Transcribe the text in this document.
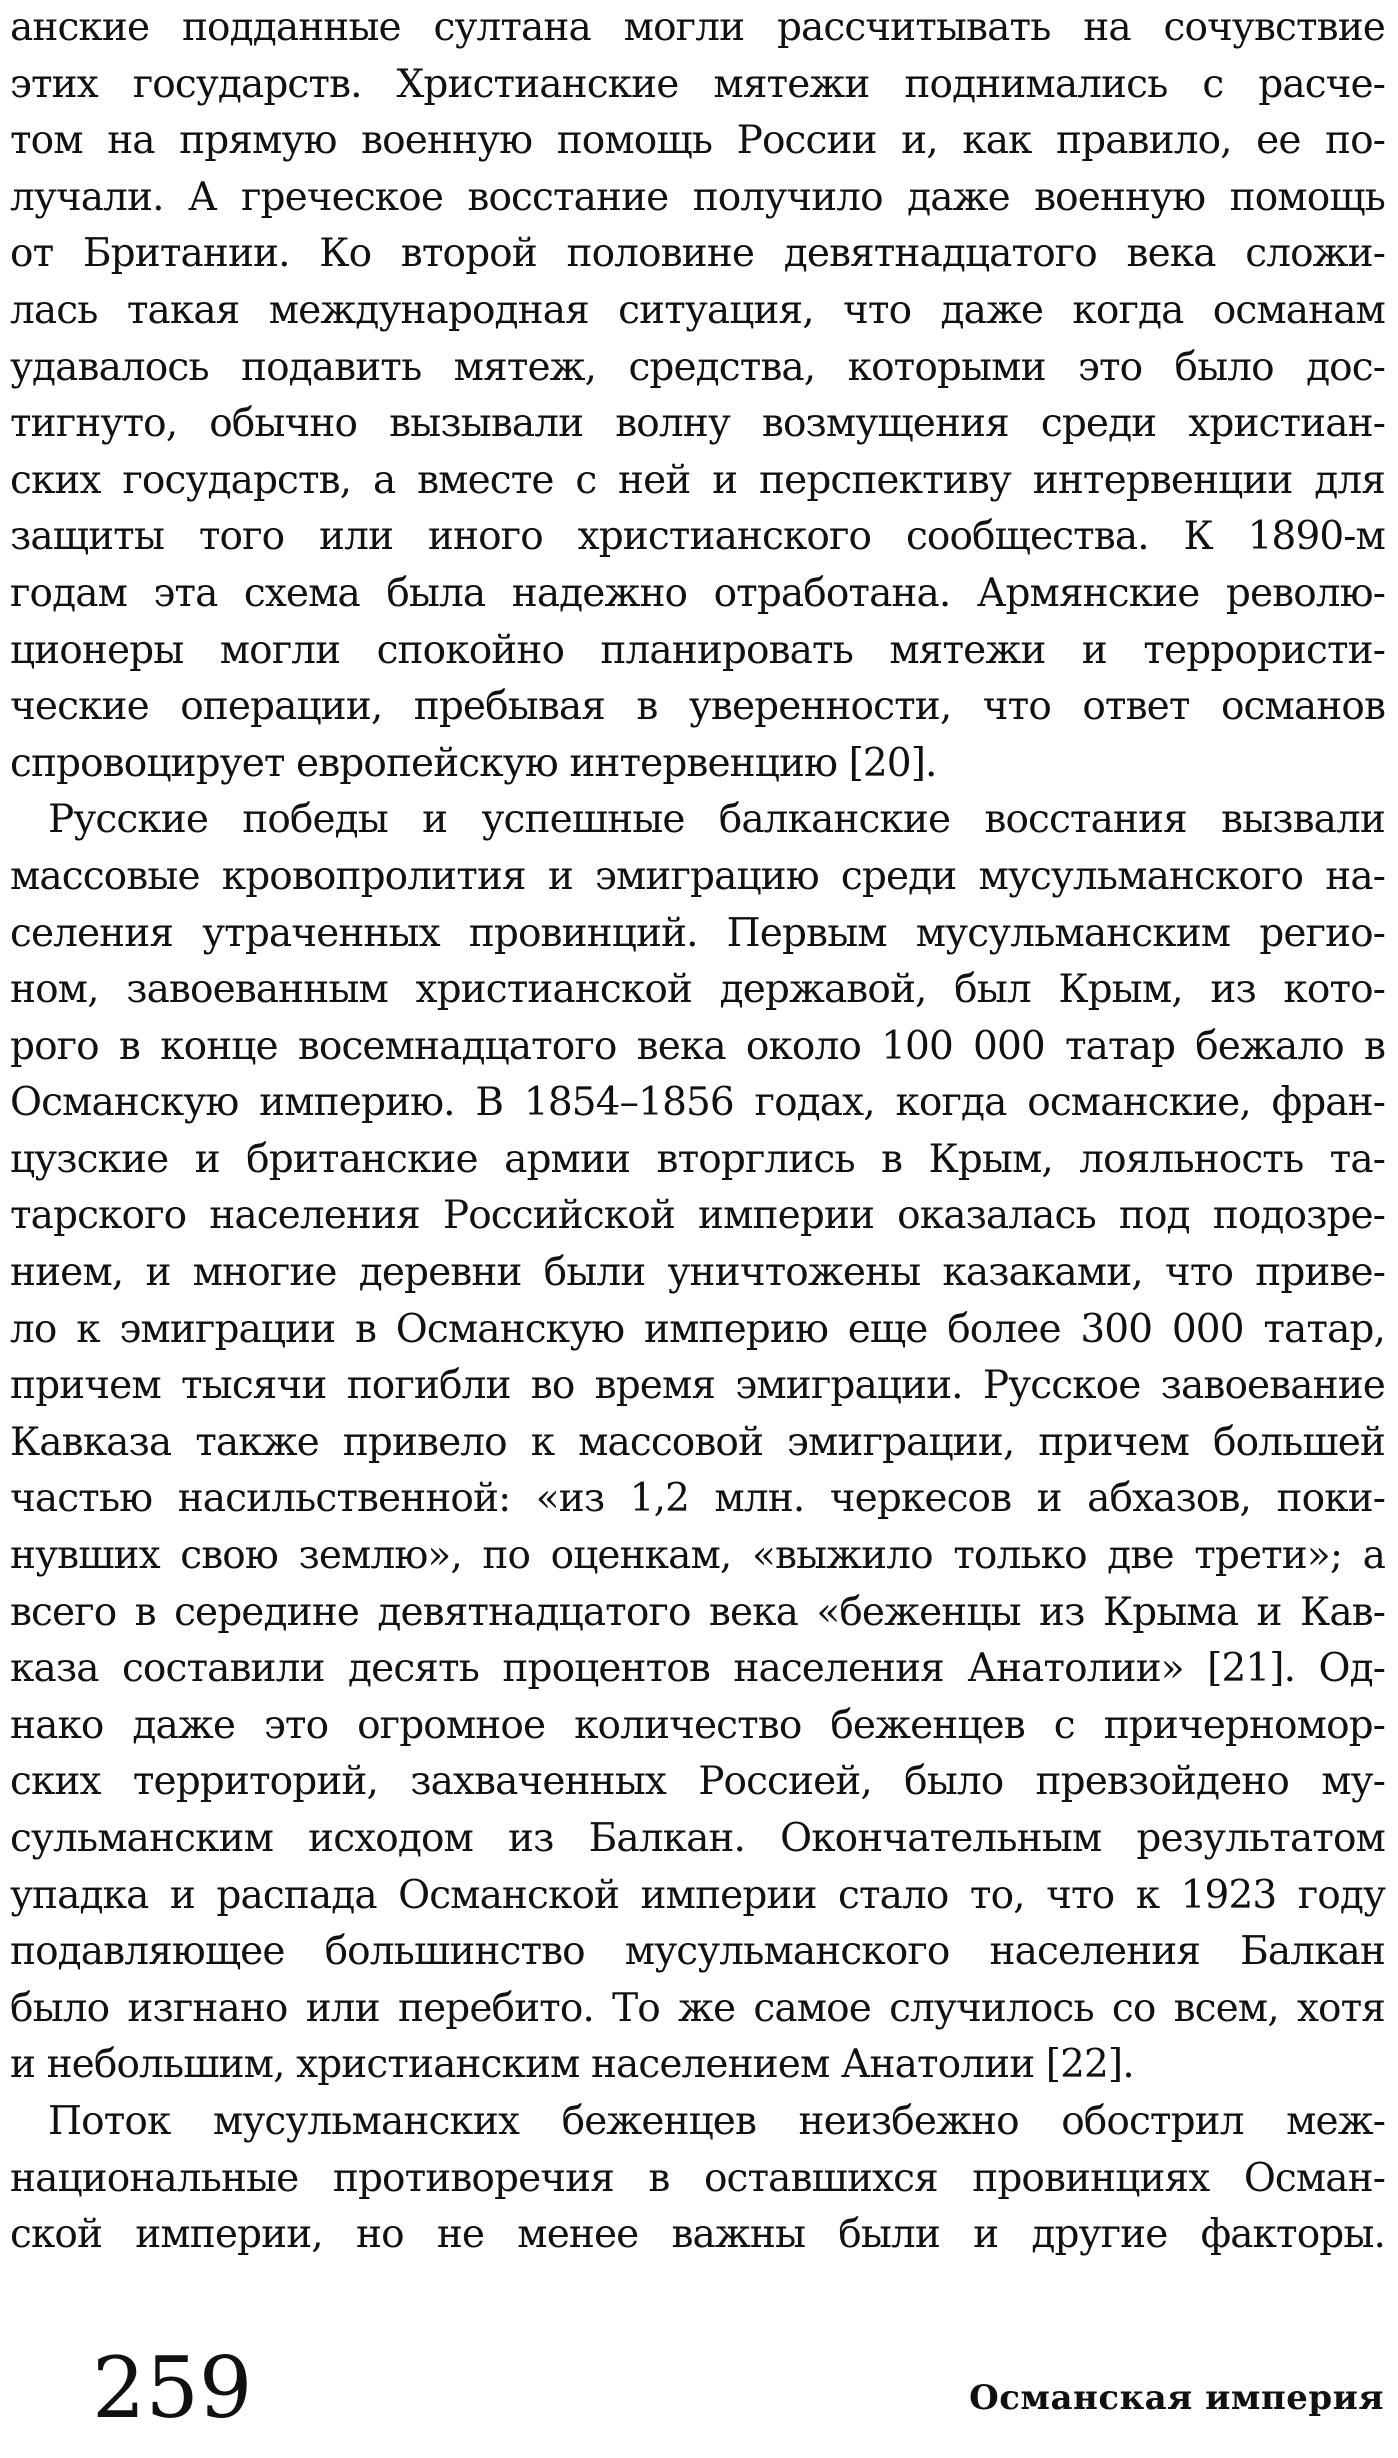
анские подданные султана могли рассчитывать на сочувствие
этих государств. Христианские мятежи поднимались с расче-
том на прямую военную помощь России и, как правило, ее по-
лучали. А греческое восстание получило даже военную помощь
от Британии. Ко второй половине девятнадцатого века сложи-
лась такая международная ситуация, что даже когда османам
удавалось подавить мятеж, средства, которыми это было дос-
тигнуто, обычно вызывали волну возмущения среди христиан-
ских государств, а вместе с ней и перспективу интервенции для
защиты того или иного христианского сообщества. К 1890-м
годам эта схема была надежно отработана. Армянские револю-
ционеры могли спокойно планировать мятежи и террористи-
ческие операции, пребывая в уверенности, что ответ османов
спровоцирует европейскую интервенцию [20].
Русские победы и успешные балканские восстания вызвали
массовые кровопролития и эмиграцию среди мусульманского на-
селения утраченных провинций. Первым мусульманским регио-
ном, завоеванным христианской державой, был Крым, из кото-
рого в конце восемнадцатого века около 100 000 татар бежало в
Османскую империю. В 1854–1856 годах, когда османские, фран-
цузские и британские армии вторглись в Крым, лояльность та-
тарского населения Российской империи оказалась под подозре-
нием, и многие деревни были уничтожены казаками, что приве-
ло к эмиграции в Османскую империю еще более 300 000 татар,
причем тысячи погибли во время эмиграции. Русское завоевание
Кавказа также привело к массовой эмиграции, причем большей
частью насильственной: «из 1,2 млн. черкесов и абхазов, поки-
нувших свою землю», по оценкам, «выжило только две трети»; а
всего в середине девятнадцатого века «беженцы из Крыма и Кав-
каза составили десять процентов населения Анатолии» [21]. Од-
нако даже это огромное количество беженцев с причерномор-
ских территорий, захваченных Россией, было превзойдено му-
сульманским исходом из Балкан. Окончательным результатом
упадка и распада Османской империи стало то, что к 1923 году
подавляющее большинство мусульманского населения Балкан
было изгнано или перебито. То же самое случилось со всем, хотя
и небольшим, христианским населением Анатолии [22].
Поток мусульманских беженцев неизбежно обострил меж-
национальные противоречия в оставшихся провинциях Осман-
ской империи, но не менее важны были и другие факторы.
259	Османская империя
